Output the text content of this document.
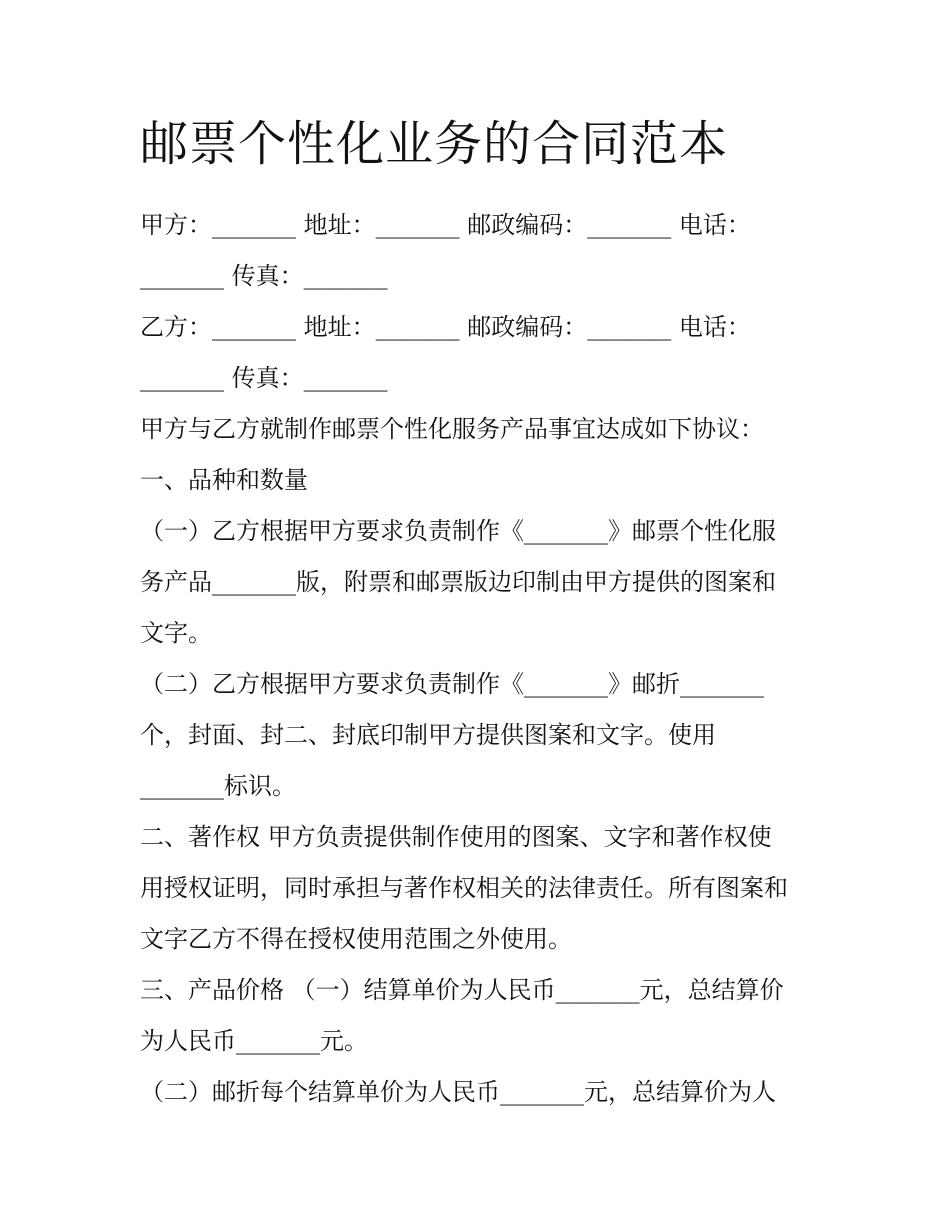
邮票个性化业务的合同范本
甲方：_______ 地址：_______ 邮政编码：_______ 电话：
_______ 传真：_______
乙方：_______ 地址：_______ 邮政编码：_______ 电话：
_______ 传真：_______
甲方与乙方就制作邮票个性化服务产品事宜达成如下协议：
一、品种和数量
（一）乙方根据甲方要求负责制作《_______》邮票个性化服
务产品_______版，附票和邮票版边印制由甲方提供的图案和
文字。
（二）乙方根据甲方要求负责制作《_______》邮折_______
个，封面、封二、封底印制甲方提供图案和文字。使用
_______标识。
二、著作权 甲方负责提供制作使用的图案、文字和著作权使
用授权证明，同时承担与著作权相关的法律责任。所有图案和
文字乙方不得在授权使用范围之外使用。
三、产品价格 （一）结算单价为人民币_______元，总结算价
为人民币_______元。
（二）邮折每个结算单价为人民币_______元，总结算价为人
